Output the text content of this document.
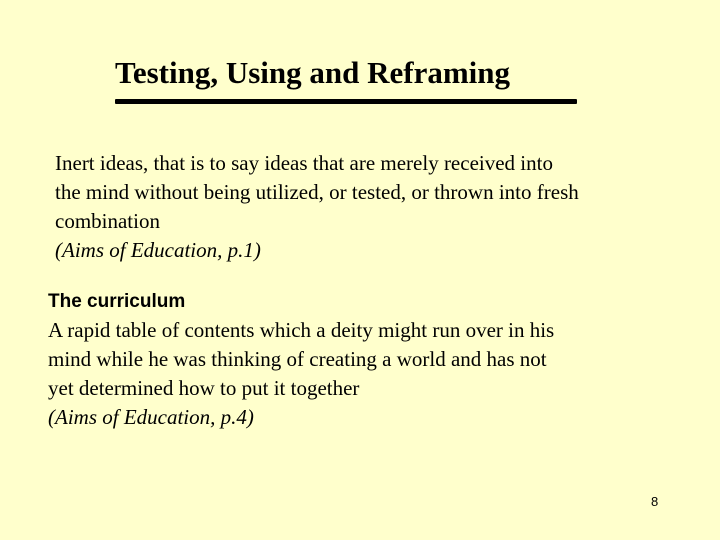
Testing, Using and Reframing
Inert ideas, that is to say ideas that are merely received into
the mind without being utilized, or tested, or thrown into fresh
combination
(Aims of Education, p.1)
The curriculum
A rapid table of contents which a deity might run over in his
mind while he was thinking of creating a world and has not
yet determined how to put it together
(Aims of Education, p.4)
8
